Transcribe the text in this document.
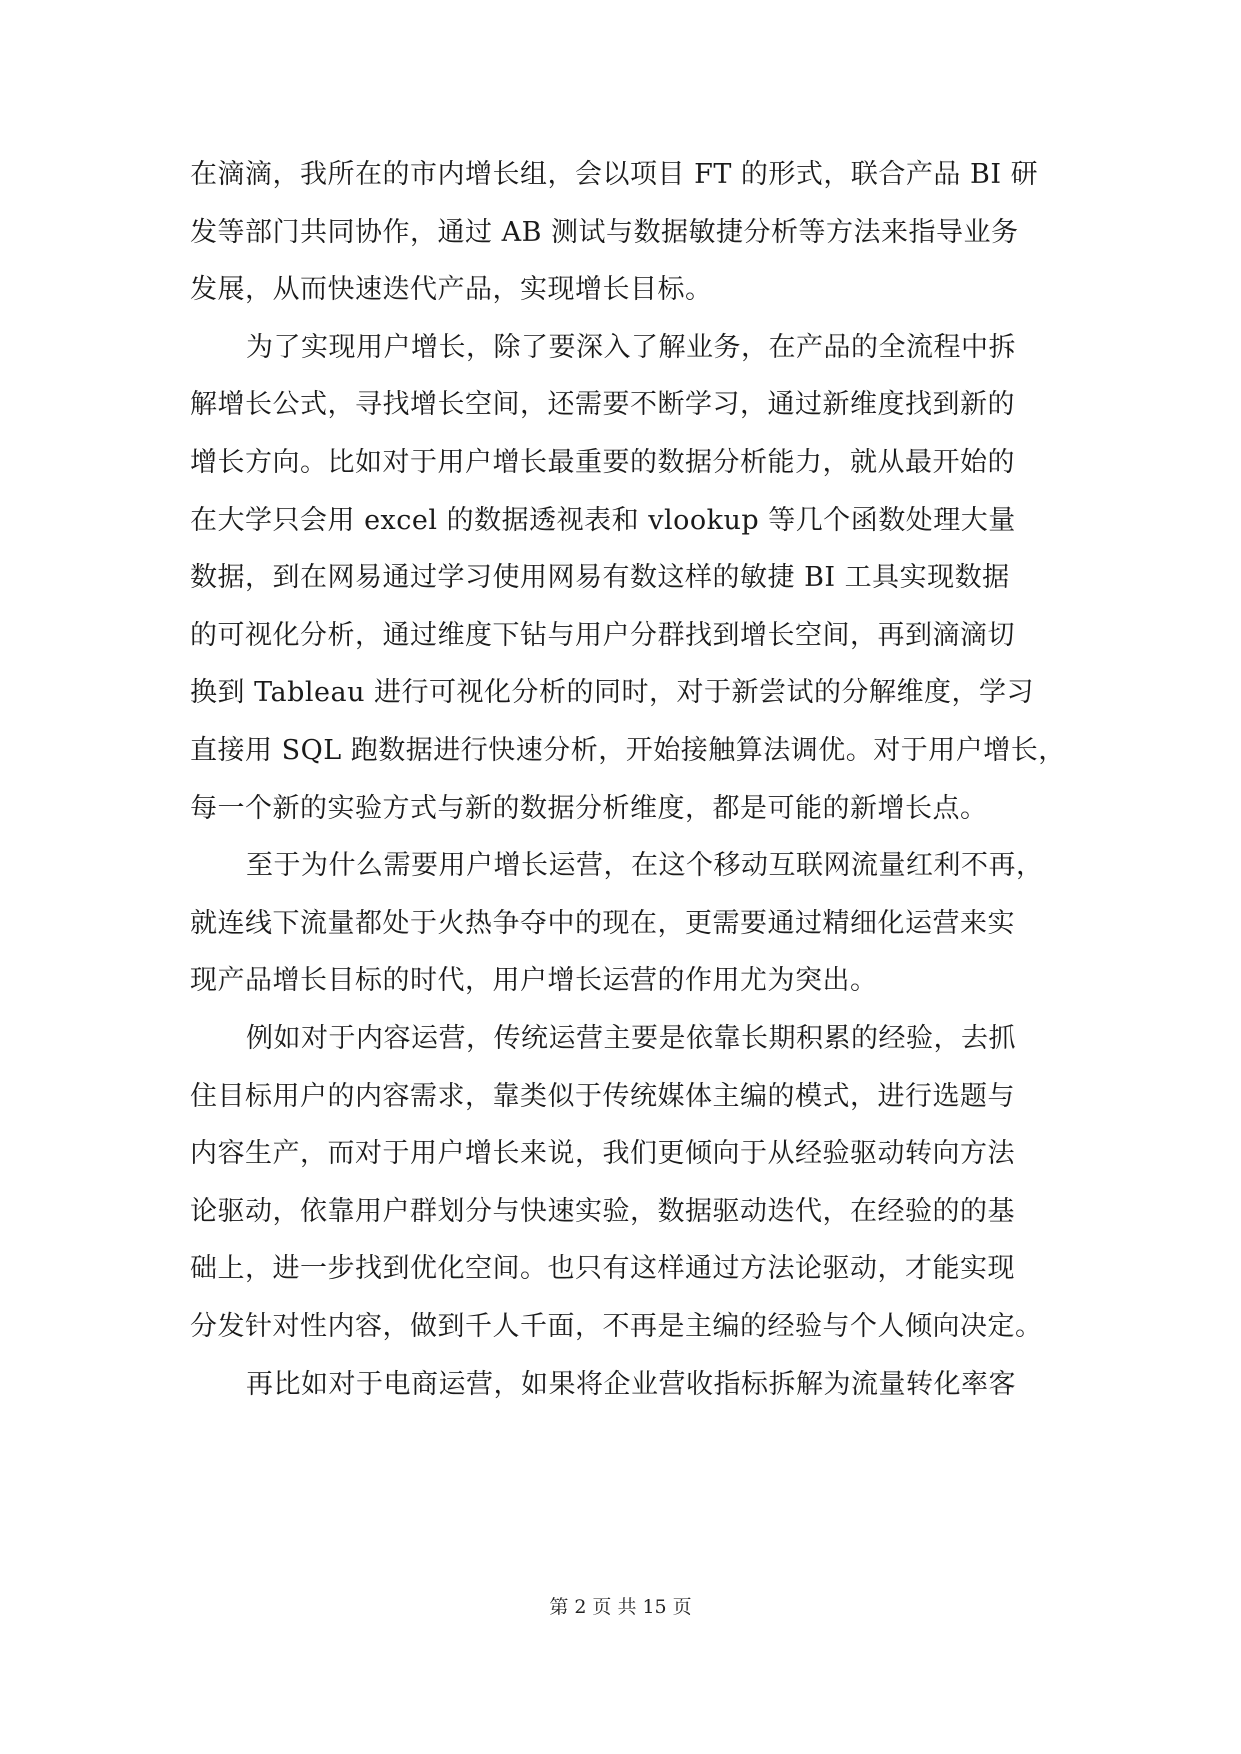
在滴滴，我所在的市内增长组，会以项目 FT 的形式，联合产品 BI 研
发等部门共同协作，通过 AB 测试与数据敏捷分析等方法来指导业务
发展，从而快速迭代产品，实现增长目标。
为了实现用户增长，除了要深入了解业务，在产品的全流程中拆
解增长公式，寻找增长空间，还需要不断学习，通过新维度找到新的
增长方向。比如对于用户增长最重要的数据分析能力，就从最开始的
在大学只会用 excel 的数据透视表和 vlookup 等几个函数处理大量
数据，到在网易通过学习使用网易有数这样的敏捷 BI 工具实现数据
的可视化分析，通过维度下钻与用户分群找到增长空间，再到滴滴切
换到 Tableau 进行可视化分析的同时，对于新尝试的分解维度，学习
直接用 SQL 跑数据进行快速分析，开始接触算法调优。对于用户增长，
每一个新的实验方式与新的数据分析维度，都是可能的新增长点。
至于为什么需要用户增长运营，在这个移动互联网流量红利不再，
就连线下流量都处于火热争夺中的现在，更需要通过精细化运营来实
现产品增长目标的时代，用户增长运营的作用尤为突出。
例如对于内容运营，传统运营主要是依靠长期积累的经验，去抓
住目标用户的内容需求，靠类似于传统媒体主编的模式，进行选题与
内容生产，而对于用户增长来说，我们更倾向于从经验驱动转向方法
论驱动，依靠用户群划分与快速实验，数据驱动迭代，在经验的的基
础上，进一步找到优化空间。也只有这样通过方法论驱动，才能实现
分发针对性内容，做到千人千面，不再是主编的经验与个人倾向决定。
再比如对于电商运营，如果将企业营收指标拆解为流量转化率客
第 2 页 共 15 页
